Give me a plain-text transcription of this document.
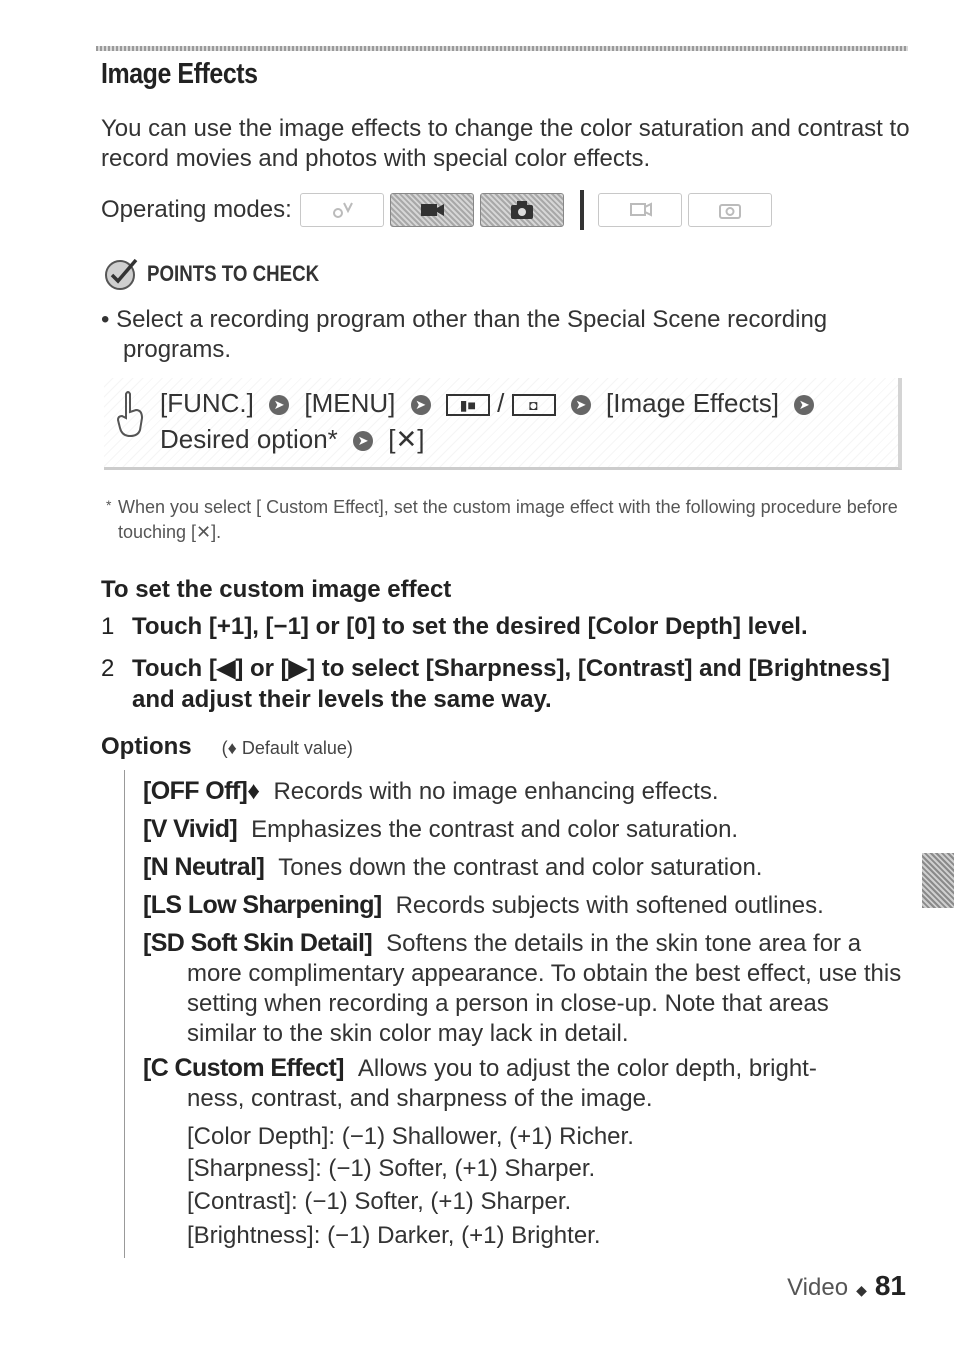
Image Effects
You can use the image effects to change the color saturation and contrast to record movies and photos with special color effects.
Operating modes:
POINTS TO CHECK
• Select a recording program other than the Special Scene recording programs.
[FUNC.] ➤ [MENU] ➤ ▮■ / ◘	➤ [Image Effects] ➤
Desired option* ➤ [✕]
* When you select [ Custom Effect], set the custom image effect with the following procedure before touching [✕].
To set the custom image effect
1 Touch [+1], [−1] or [0] to set the desired [Color Depth] level.
2 Touch [◀] or [▶] to select [Sharpness], [Contrast] and [Brightness] and adjust their levels the same way.
Options (♦ Default value)
[OFF Off]♦ Records with no image enhancing effects.
[V Vivid] Emphasizes the contrast and color saturation.
[N Neutral] Tones down the contrast and color saturation.
[LS Low Sharpening] Records subjects with softened outlines.
[SD Soft Skin Detail] Softens the details in the skin tone area for a
more complimentary appearance. To obtain the best effect, use this setting when recording a person in close-up. Note that areas similar to the skin color may lack in detail.
[C Custom Effect] Allows you to adjust the color depth, bright-
ness, contrast, and sharpness of the image.
[Color Depth]: (−1) Shallower, (+1) Richer.
[Sharpness]: (−1) Softer, (+1) Sharper.
[Contrast]: (−1) Softer, (+1) Sharper.
[Brightness]: (−1) Darker, (+1) Brighter.
Video ◆ 81
